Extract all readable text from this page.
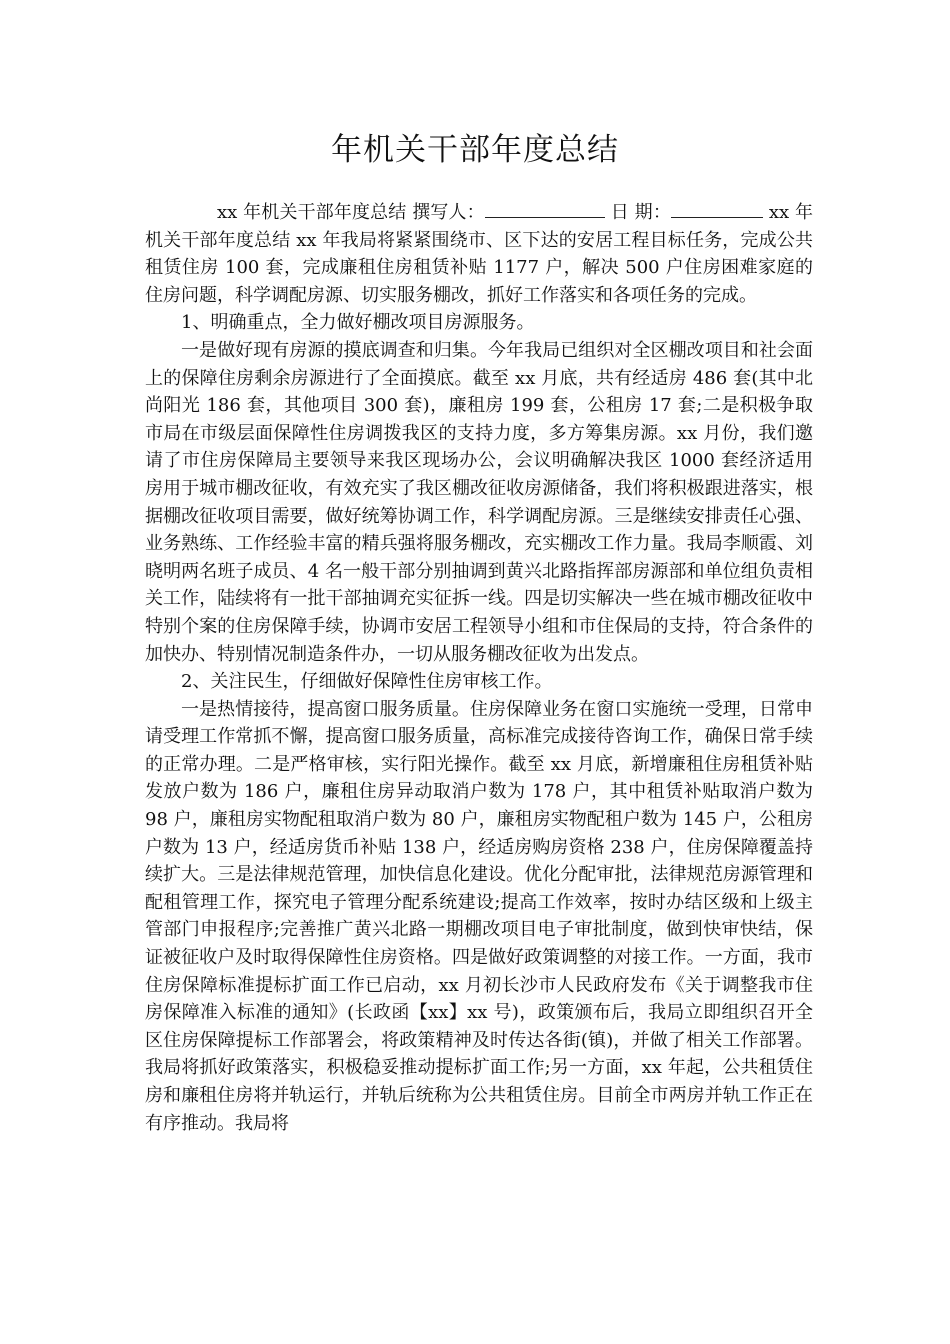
年机关干部年度总结

xx 年机关干部年度总结 撰写人：	日 期：	xx 年机关干部年度总结 xx 年我局将紧紧围绕市、区下达的安居工程目标任务，完成公共租赁住房 100 套，完成廉租住房租赁补贴 1177 户，解决 500 户住房困难家庭的住房问题，科学调配房源、切实服务棚改，抓好工作落实和各项任务的完成。

1、明确重点，全力做好棚改项目房源服务。

一是做好现有房源的摸底调查和归集。今年我局已组织对全区棚改项目和社会面上的保障住房剩余房源进行了全面摸底。截至 xx 月底，共有经适房 486 套(其中北尚阳光 186 套，其他项目 300 套)，廉租房 199 套，公租房 17 套;二是积极争取市局在市级层面保障性住房调拨我区的支持力度，多方筹集房源。xx 月份，我们邀请了市住房保障局主要领导来我区现场办公，会议明确解决我区 1000 套经济适用房用于城市棚改征收，有效充实了我区棚改征收房源储备，我们将积极跟进落实，根据棚改征收项目需要，做好统筹协调工作，科学调配房源。三是继续安排责任心强、业务熟练、工作经验丰富的精兵强将服务棚改，充实棚改工作力量。我局李顺霞、刘晓明两名班子成员、4 名一般干部分别抽调到黄兴北路指挥部房源部和单位组负责相关工作，陆续将有一批干部抽调充实征拆一线。四是切实解决一些在城市棚改征收中特别个案的住房保障手续，协调市安居工程领导小组和市住保局的支持，符合条件的加快办、特别情况制造条件办，一切从服务棚改征收为出发点。

2、关注民生，仔细做好保障性住房审核工作。

一是热情接待，提高窗口服务质量。住房保障业务在窗口实施统一受理，日常申请受理工作常抓不懈，提高窗口服务质量，高标准完成接待咨询工作，确保日常手续的正常办理。二是严格审核，实行阳光操作。截至 xx 月底，新增廉租住房租赁补贴发放户数为 186 户，廉租住房异动取消户数为 178 户，其中租赁补贴取消户数为 98 户，廉租房实物配租取消户数为 80 户，廉租房实物配租户数为 145 户，公租房户数为 13 户，经适房货币补贴 138 户，经适房购房资格 238 户，住房保障覆盖持续扩大。三是法律规范管理，加快信息化建设。优化分配审批，法律规范房源管理和配租管理工作，探究电子管理分配系统建设;提高工作效率，按时办结区级和上级主管部门申报程序;完善推广黄兴北路一期棚改项目电子审批制度，做到快审快结，保证被征收户及时取得保障性住房资格。四是做好政策调整的对接工作。一方面，我市住房保障标准提标扩面工作已启动，xx 月初长沙市人民政府发布《关于调整我市住房保障准入标准的通知》(长政函【xx】xx 号)，政策颁布后，我局立即组织召开全区住房保障提标工作部署会，将政策精神及时传达各街(镇)，并做了相关工作部署。我局将抓好政策落实，积极稳妥推动提标扩面工作;另一方面，xx 年起，公共租赁住房和廉租住房将并轨运行，并轨后统称为公共租赁住房。目前全市两房并轨工作正在有序推动。我局将
